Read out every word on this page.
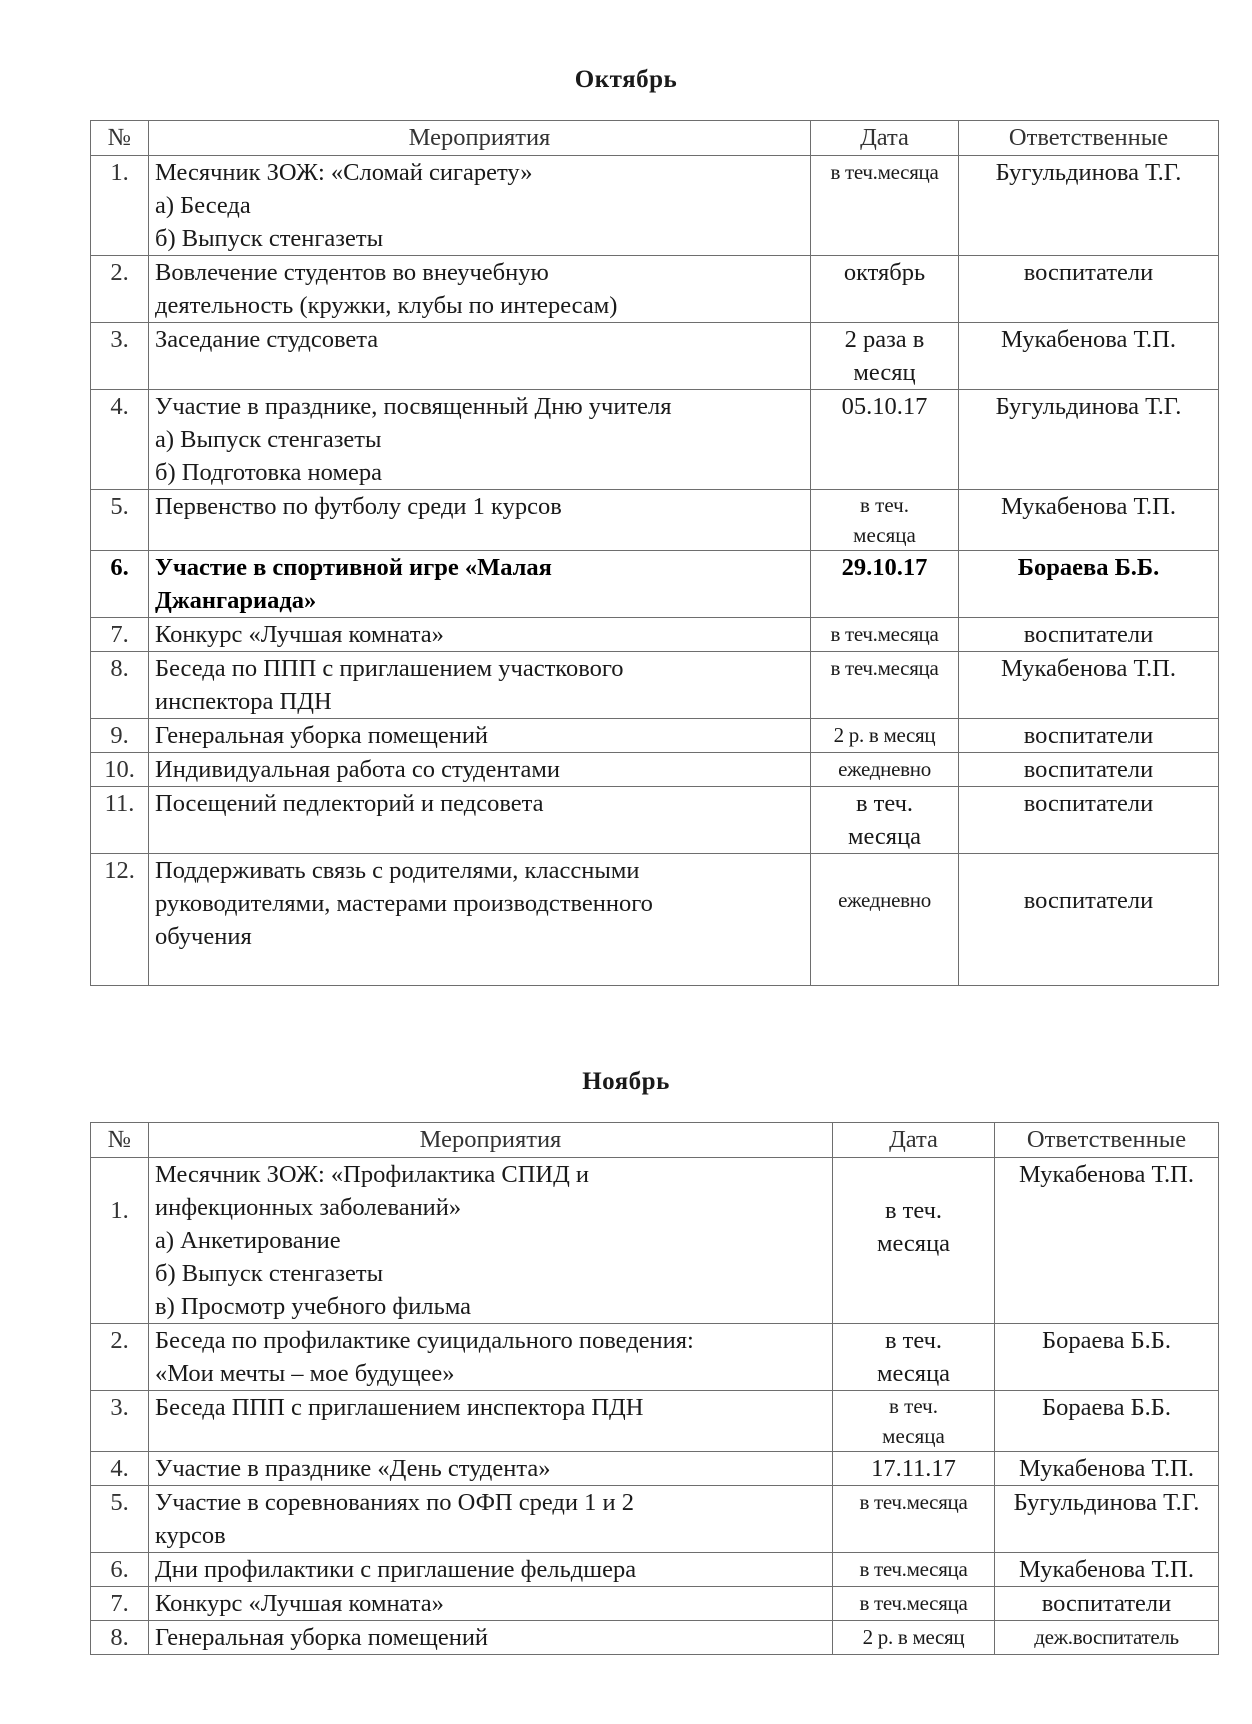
Октябрь
№	Мероприятия	Дата	Ответственные
1.	Месячник ЗОЖ: «Сломай сигарету»
а) Беседа
б) Выпуск стенгазеты	в теч.месяца	Бугульдинова Т.Г.
2.	Вовлечение студентов во внеучебную
деятельность (кружки, клубы по интересам)	октябрь	воспитатели
3.	Заседание студсовета	2 раза в
месяц	Мукабенова Т.П.
4.	Участие в празднике, посвященный Дню учителя
а) Выпуск стенгазеты
б) Подготовка номера	05.10.17	Бугульдинова Т.Г.
5.	Первенство по футболу среди 1 курсов	в теч.
месяца	Мукабенова Т.П.
6.	Участие в спортивной игре «Малая
Джангариада»	29.10.17	Бораева Б.Б.
7.	Конкурс «Лучшая комната»	в теч.месяца	воспитатели
8.	Беседа по ППП с приглашением участкового
инспектора ПДН	в теч.месяца	Мукабенова Т.П.
9.	Генеральная уборка помещений	2 р. в месяц	воспитатели
10.	Индивидуальная работа со студентами	ежедневно	воспитатели
11.	Посещений педлекторий и педсовета	в теч.
месяца	воспитатели
12.	Поддерживать связь с родителями, классными
руководителями, мастерами производственного
обучения	ежедневно	воспитатели
Ноябрь
№	Мероприятия	Дата	Ответственные
1.	Месячник ЗОЖ: «Профилактика СПИД и
инфекционных заболеваний»
а) Анкетирование
б) Выпуск стенгазеты
в) Просмотр учебного фильма	в теч.
месяца	Мукабенова Т.П.
2.	Беседа по профилактике суицидального поведения:
«Мои мечты – мое будущее»	в теч.
месяца	Бораева Б.Б.
3.	Беседа ППП с приглашением инспектора ПДН	в теч.
месяца	Бораева Б.Б.
4.	Участие в празднике «День студента»	17.11.17	Мукабенова Т.П.
5.	Участие в соревнованиях по ОФП среди 1 и 2
курсов	в теч.месяца	Бугульдинова Т.Г.
6.	Дни профилактики с приглашение фельдшера	в теч.месяца	Мукабенова Т.П.
7.	Конкурс «Лучшая комната»	в теч.месяца	воспитатели
8.	Генеральная уборка помещений	2 р. в месяц	деж.воспитатель
